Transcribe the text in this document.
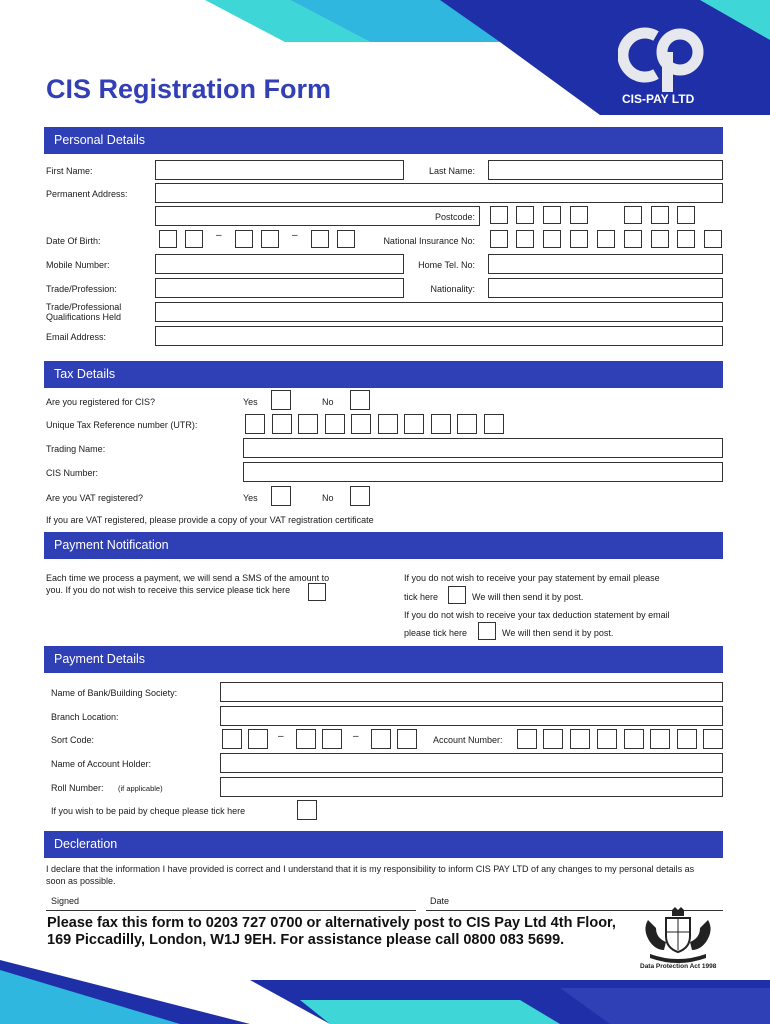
CIS-PAY LTD
CIS Registration Form
Personal Details
First Name:	Last Name:
Permanent Address:
Postcode:
Date Of Birth:	–	–	National Insurance No:
Mobile Number:	Home Tel. No:
Trade/Profession:	Nationality:
Trade/Professional Qualifications Held
Email Address:
Tax Details
Are you registered for CIS?	Yes	No
Unique Tax Reference number (UTR):
Trading Name:
CIS Number:
Are you VAT registered?	Yes	No
If you are VAT registered, please provide a copy of your VAT registration certificate
Payment Notification
Each time we process a payment, we will send a SMS of the amount to you. If you do not wish to receive this service please tick here
If you do not wish to receive your pay statement by email please
tick here	We will then send it by post.
If you do not wish to receive your tax deduction statement by email
please tick here	We will then send it by post.
Payment Details
Name of Bank/Building Society:
Branch Location:
Sort Code:	–	–	Account Number:
Name of Account Holder:
Roll Number: (if applicable)
If you wish to be paid by cheque please tick here
Decleration
I declare that the information I have provided is correct and I understand that it is my responsibility to inform CIS PAY LTD of any changes to my personal details as soon as possible.
Signed	Date
Please fax this form to 0203 727 0700 or alternatively post to CIS Pay Ltd 4th Floor,
169 Piccadilly, London, W1J 9EH. For assistance please call 0800 083 5699.
Data Protection Act 1998
